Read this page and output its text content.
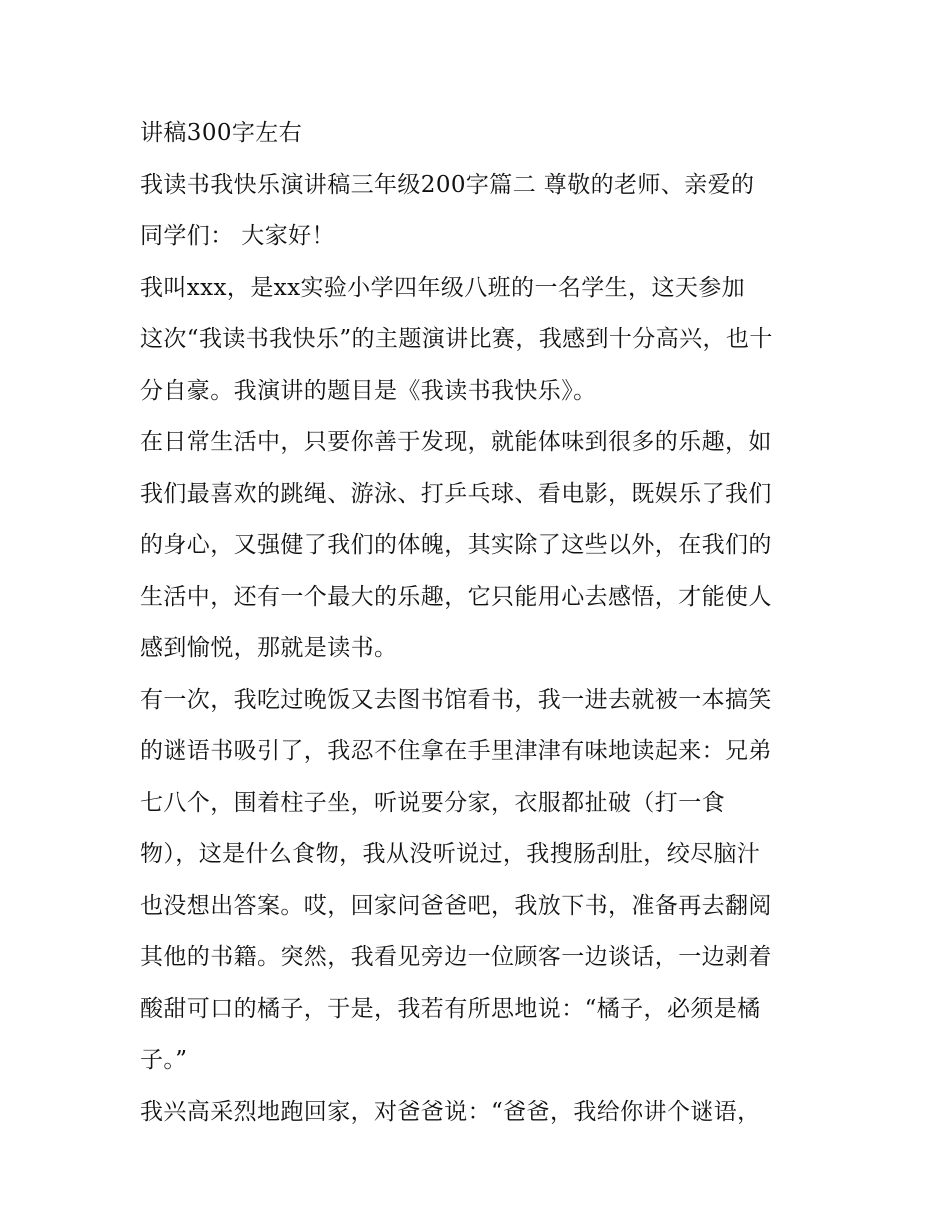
讲稿300字左右
我读书我快乐演讲稿三年级200字篇二 尊敬的老师、亲爱的
同学们： 大家好！
我叫xxx，是xx实验小学四年级八班的一名学生，这天参加
这次“我读书我快乐”的主题演讲比赛，我感到十分高兴，也十
分自豪。我演讲的题目是《我读书我快乐》。
在日常生活中，只要你善于发现，就能体味到很多的乐趣，如
我们最喜欢的跳绳、游泳、打乒乓球、看电影，既娱乐了我们
的身心，又强健了我们的体魄，其实除了这些以外，在我们的
生活中，还有一个最大的乐趣，它只能用心去感悟，才能使人
感到愉悦，那就是读书。
有一次，我吃过晚饭又去图书馆看书，我一进去就被一本搞笑
的谜语书吸引了，我忍不住拿在手里津津有味地读起来：兄弟
七八个，围着柱子坐，听说要分家，衣服都扯破（打一食
物），这是什么食物，我从没听说过，我搜肠刮肚，绞尽脑汁
也没想出答案。哎，回家问爸爸吧，我放下书，准备再去翻阅
其他的书籍。突然，我看见旁边一位顾客一边谈话，一边剥着
酸甜可口的橘子，于是，我若有所思地说：“橘子，必须是橘
子。”
我兴高采烈地跑回家，对爸爸说：“爸爸，我给你讲个谜语，
